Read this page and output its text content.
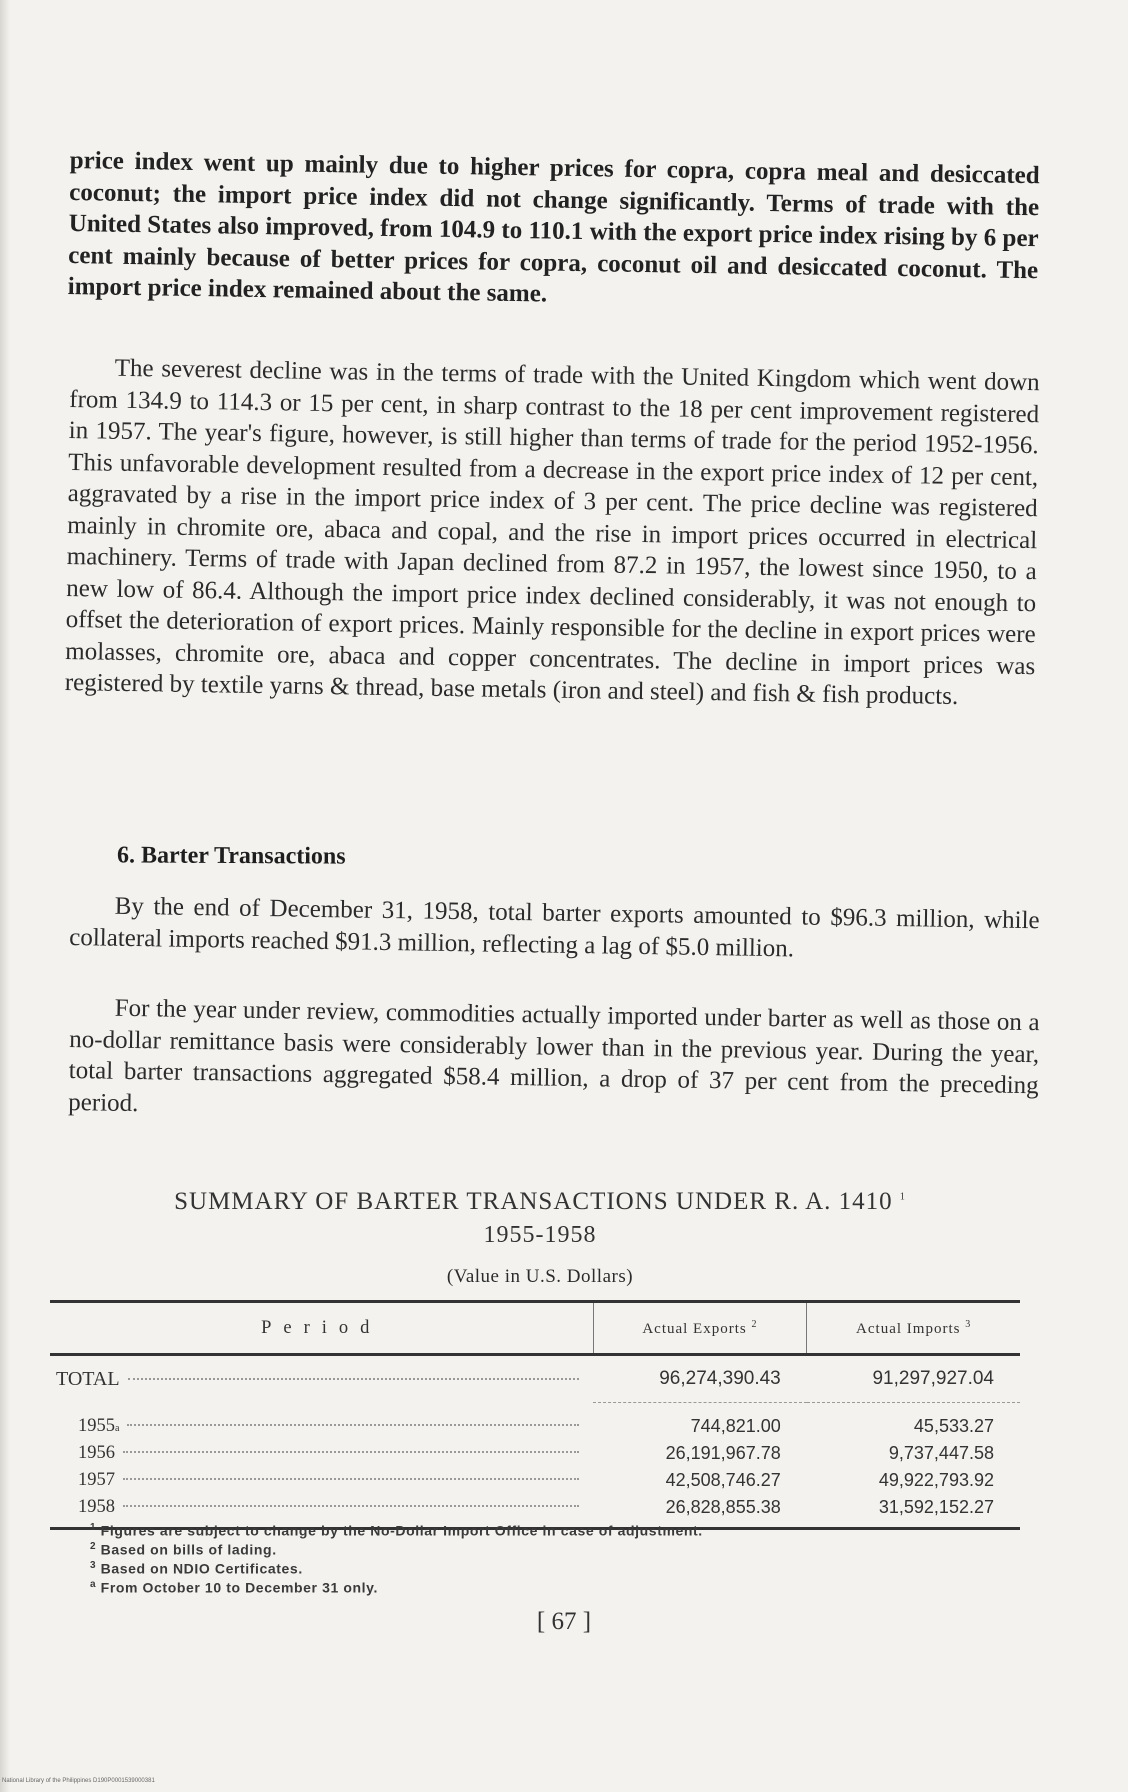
price index went up mainly due to higher prices for copra, copra meal and desiccated coconut; the import price index did not change significantly. Terms of trade with the United States also improved, from 104.9 to 110.1 with the export price index rising by 6 per cent mainly because of better prices for copra, coconut oil and desiccated coconut. The import price index remained about the same.

The severest decline was in the terms of trade with the United Kingdom which went down from 134.9 to 114.3 or 15 per cent, in sharp contrast to the 18 per cent improvement registered in 1957. The year's figure, however, is still higher than terms of trade for the period 1952-1956. This unfavorable development resulted from a decrease in the export price index of 12 per cent, aggravated by a rise in the import price index of 3 per cent. The price decline was registered mainly in chromite ore, abaca and copal, and the rise in import prices occurred in electrical machinery. Terms of trade with Japan declined from 87.2 in 1957, the lowest since 1950, to a new low of 86.4. Although the import price index declined considerably, it was not enough to offset the deterioration of export prices. Mainly responsible for the decline in export prices were molasses, chromite ore, abaca and copper concentrates. The decline in import prices was registered by textile yarns & thread, base metals (iron and steel) and fish & fish products.

6. Barter Transactions

By the end of December 31, 1958, total barter exports amounted to $96.3 million, while collateral imports reached $91.3 million, reflecting a lag of $5.0 million.

For the year under review, commodities actually imported under barter as well as those on a no-dollar remittance basis were considerably lower than in the previous year. During the year, total barter transactions aggregated $58.4 million, a drop of 37 per cent from the preceding period.

SUMMARY OF BARTER TRANSACTIONS UNDER R. A. 1410 $^1$

1955-1958

(Value in U.S. Dollars)

Period	Actual Exports $^2$	Actual Imports $^3$

TOTAL	96,274,390.43	91,297,927.04

1955 a	744,821.00	45,533.27

1956	26,191,967.78	9,737,447.58

1957	42,508,746.27	49,922,793.92

1958	26,828,855.38	31,592,152.27
$^1$ Figures are subject to change by the No-Dollar Import Office in case of adjustment.
$^2$ Based on bills of lading.
$^3$ Based on NDIO Certificates.
$^a$ From October 10 to December 31 only.

[ 67 ]

National Library of the Philippines D190P0001539000381
